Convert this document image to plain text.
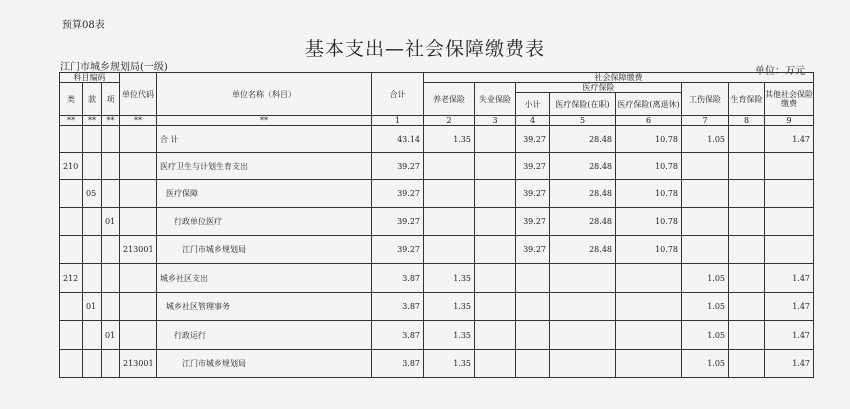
预算08表
基本支出—社会保障缴费表
江门市城乡规划局(一级)	单位：万元
科目编码			单位代码	单位名称（科目）	合计	社会保障缴费							
类	款	项				养老保险	失业保险	医疗保险			工伤保险	生育保险	其他社会保险缴费
								小计	医疗保险(在职)	医疗保险(离退休)			
**	**	**	**	**	1	2	3	4	5	6	7	8	9
				合 计	43.14	1.35		39.27	28.48	10.78	1.05		1.47
210				医疗卫生与计划生育支出	39.27			39.27	28.48	10.78			
	05			医疗保障	39.27			39.27	28.48	10.78			
		01		行政单位医疗	39.27			39.27	28.48	10.78			
			213001	江门市城乡规划局	39.27			39.27	28.48	10.78			
212				城乡社区支出	3.87	1.35					1.05		1.47
	01			城乡社区管理事务	3.87	1.35					1.05		1.47
		01		行政运行	3.87	1.35					1.05		1.47
			213001	江门市城乡规划局	3.87	1.35					1.05		1.47
